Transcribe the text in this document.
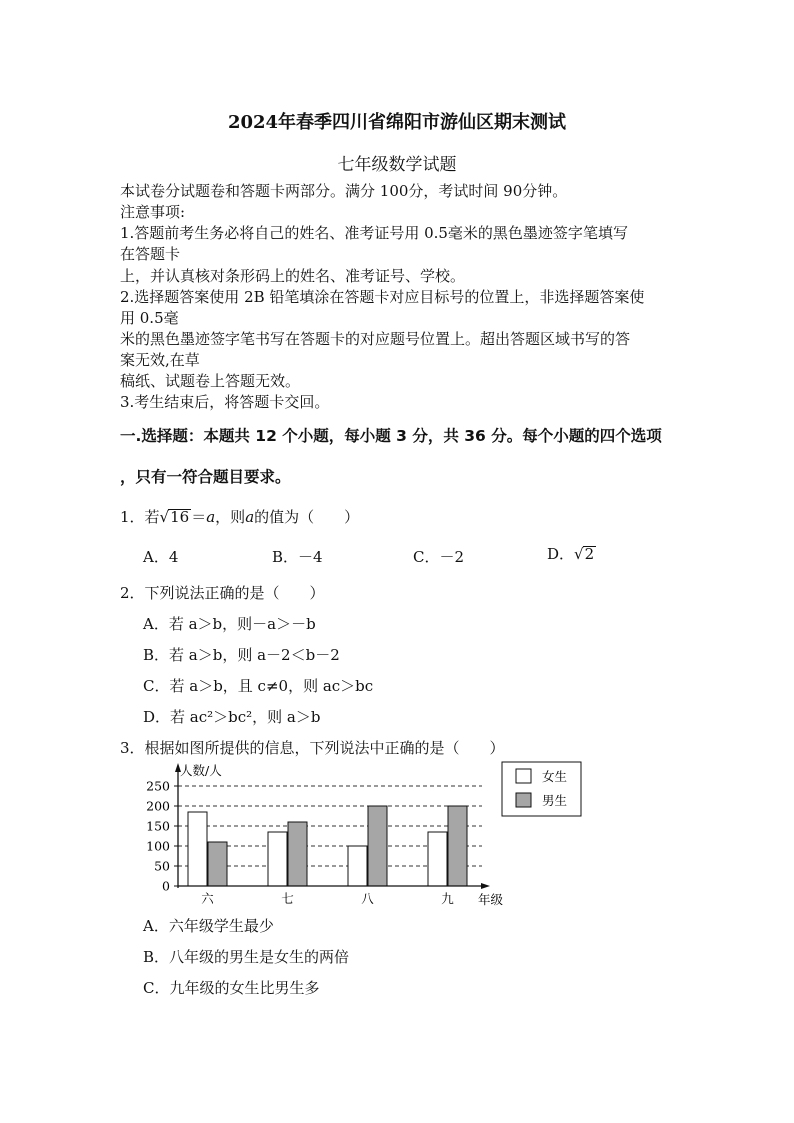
2024年春季四川省绵阳市游仙区期末测试
七年级数学试题
本试卷分试题卷和答题卡两部分。满分 100分，考试时间 90分钟。
注意事项:
1.答题前考生务必将自己的姓名、准考证号用 0.5毫米的黑色墨迹签字笔填写
在答题卡
上，并认真核对条形码上的姓名、准考证号、学校。
2.选择题答案使用 2B 铅笔填涂在答题卡对应目标号的位置上，非选择题答案使
用 0.5毫
米的黑色墨迹签字笔书写在答题卡的对应题号位置上。超出答题区域书写的答
案无效,在草
稿纸、试题卷上答题无效。
3.考生结束后，将答题卡交回。
一.选择题：本题共 12 个小题，每小题 3 分，共 36 分。每个小题的四个选项
，只有一符合题目要求。
1．若√16 ＝a，则a的值为（　　）
A．4	B．－4	C．－2	D．√2
2．下列说法正确的是（　　）
A．若 a＞b，则－a＞－b
B．若 a＞b，则 a－2＜b－2
C．若 a＞b，且 c≠0，则 ac＞bc
D．若 ac²＞bc²，则 a＞b
3．根据如图所提供的信息，下列说法中正确的是（　　）
人数/人
年级
0
50
100
150
200
250
六	七	八	九
女生
男生
A．六年级学生最少
B．八年级的男生是女生的两倍
C．九年级的女生比男生多
